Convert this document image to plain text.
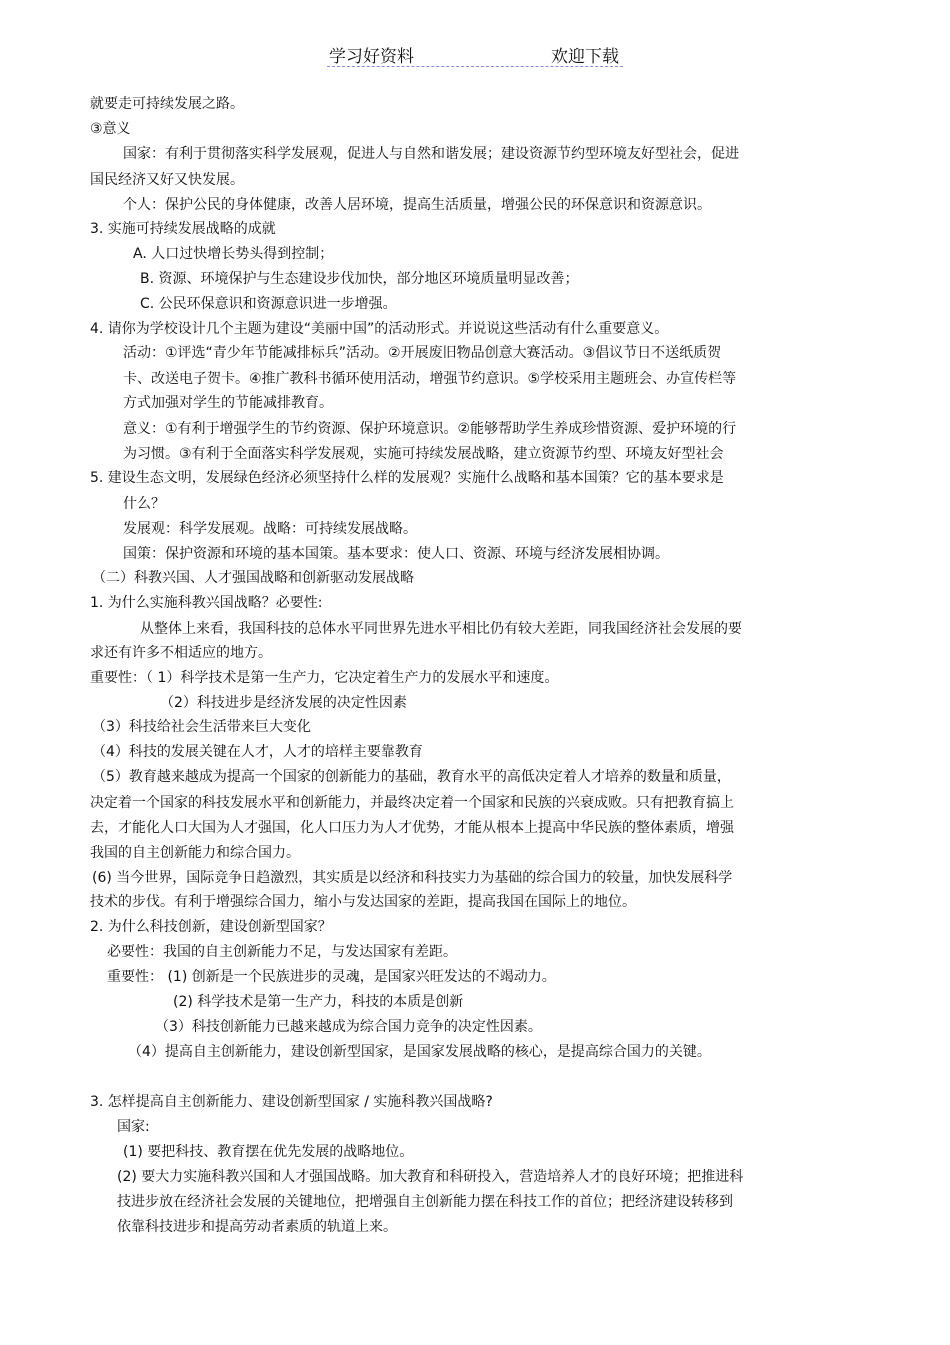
学习好资料	欢迎下载
就要走可持续发展之路。
③意义
国家：有利于贯彻落实科学发展观，促进人与自然和谐发展；建设资源节约型环境友好型社会，促进
国民经济又好又快发展。
个人：保护公民的身体健康，改善人居环境，提高生活质量，增强公民的环保意识和资源意识。
3. 实施可持续发展战略的成就
A. 人口过快增长势头得到控制；
B. 资源、环境保护与生态建设步伐加快，部分地区环境质量明显改善；
C. 公民环保意识和资源意识进一步增强。
4. 请你为学校设计几个主题为建设“美丽中国”的活动形式。并说说这些活动有什么重要意义。
活动：①评选“青少年节能减排标兵”活动。②开展废旧物品创意大赛活动。③倡议节日不送纸质贺
卡、改送电子贺卡。④推广教科书循环使用活动，增强节约意识。⑤学校采用主题班会、办宣传栏等
方式加强对学生的节能减排教育。
意义：①有利于增强学生的节约资源、保护环境意识。②能够帮助学生养成珍惜资源、爱护环境的行
为习惯。③有利于全面落实科学发展观，实施可持续发展战略，建立资源节约型、环境友好型社会
5. 建设生态文明，发展绿色经济必须坚持什么样的发展观？实施什么战略和基本国策？它的基本要求是
什么？
发展观：科学发展观。战略：可持续发展战略。
国策：保护资源和环境的基本国策。基本要求：使人口、资源、环境与经济发展相协调。
（二）科教兴国、人才强国战略和创新驱动发展战略
1. 为什么实施科教兴国战略？必要性:
从整体上来看，我国科技的总体水平同世界先进水平相比仍有较大差距，同我国经济社会发展的要
求还有许多不相适应的地方。
重要性：（ 1）科学技术是第一生产力，它决定着生产力的发展水平和速度。
（2）科技进步是经济发展的决定性因素
（3）科技给社会生活带来巨大变化
（4）科技的发展关键在人才，人才的培样主要靠教育
（5）教育越来越成为提高一个国家的创新能力的基础，教育水平的高低决定着人才培养的数量和质量，
决定着一个国家的科技发展水平和创新能力，并最终决定着一个国家和民族的兴衰成败。只有把教育搞上
去，才能化人口大国为人才强国，化人口压力为人才优势，才能从根本上提高中华民族的整体素质，增强
我国的自主创新能力和综合国力。
(6) 当今世界，国际竞争日趋激烈，其实质是以经济和科技实力为基础的综合国力的较量，加快发展科学
技术的步伐。有利于增强综合国力，缩小与发达国家的差距，提高我国在国际上的地位。
2. 为什么科技创新，建设创新型国家？
必要性：我国的自主创新能力不足，与发达国家有差距。
重要性： (1) 创新是一个民族进步的灵魂，是国家兴旺发达的不竭动力。
(2) 科学技术是第一生产力，科技的本质是创新
（3）科技创新能力已越来越成为综合国力竞争的决定性因素。
（4）提高自主创新能力，建设创新型国家，是国家发展战略的核心，是提高综合国力的关键。
3. 怎样提高自主创新能力、建设创新型国家 / 实施科教兴国战略?
国家:
(1) 要把科技、教育摆在优先发展的战略地位。
(2) 要大力实施科教兴国和人才强国战略。加大教育和科研投入，营造培养人才的良好环境；把推进科
技进步放在经济社会发展的关键地位，把增强自主创新能力摆在科技工作的首位；把经济建设转移到
依靠科技进步和提高劳动者素质的轨道上来。
